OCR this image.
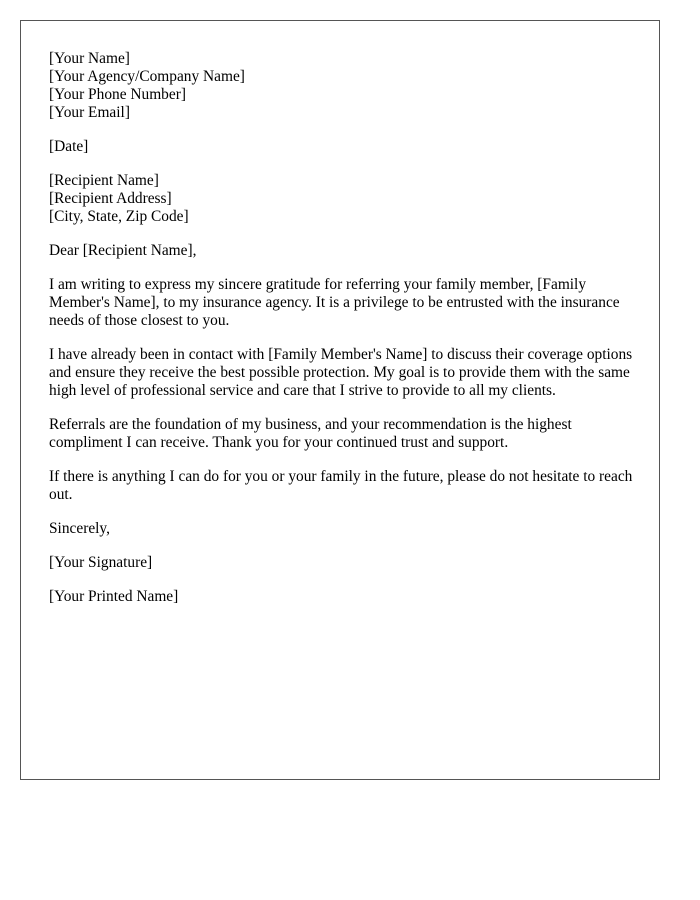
[Your Name]
[Your Agency/Company Name]
[Your Phone Number]
[Your Email]
[Date]
[Recipient Name]
[Recipient Address]
[City, State, Zip Code]

Dear [Recipient Name],

I am writing to express my sincere gratitude for referring your family member, [Family Member's Name], to my insurance agency. It is a privilege to be entrusted with the insurance needs of those closest to you.

I have already been in contact with [Family Member's Name] to discuss their coverage options and ensure they receive the best possible protection. My goal is to provide them with the same high level of professional service and care that I strive to provide to all my clients.

Referrals are the foundation of my business, and your recommendation is the highest compliment I can receive. Thank you for your continued trust and support.

If there is anything I can do for you or your family in the future, please do not hesitate to reach out.

Sincerely,

[Your Signature]

[Your Printed Name]
